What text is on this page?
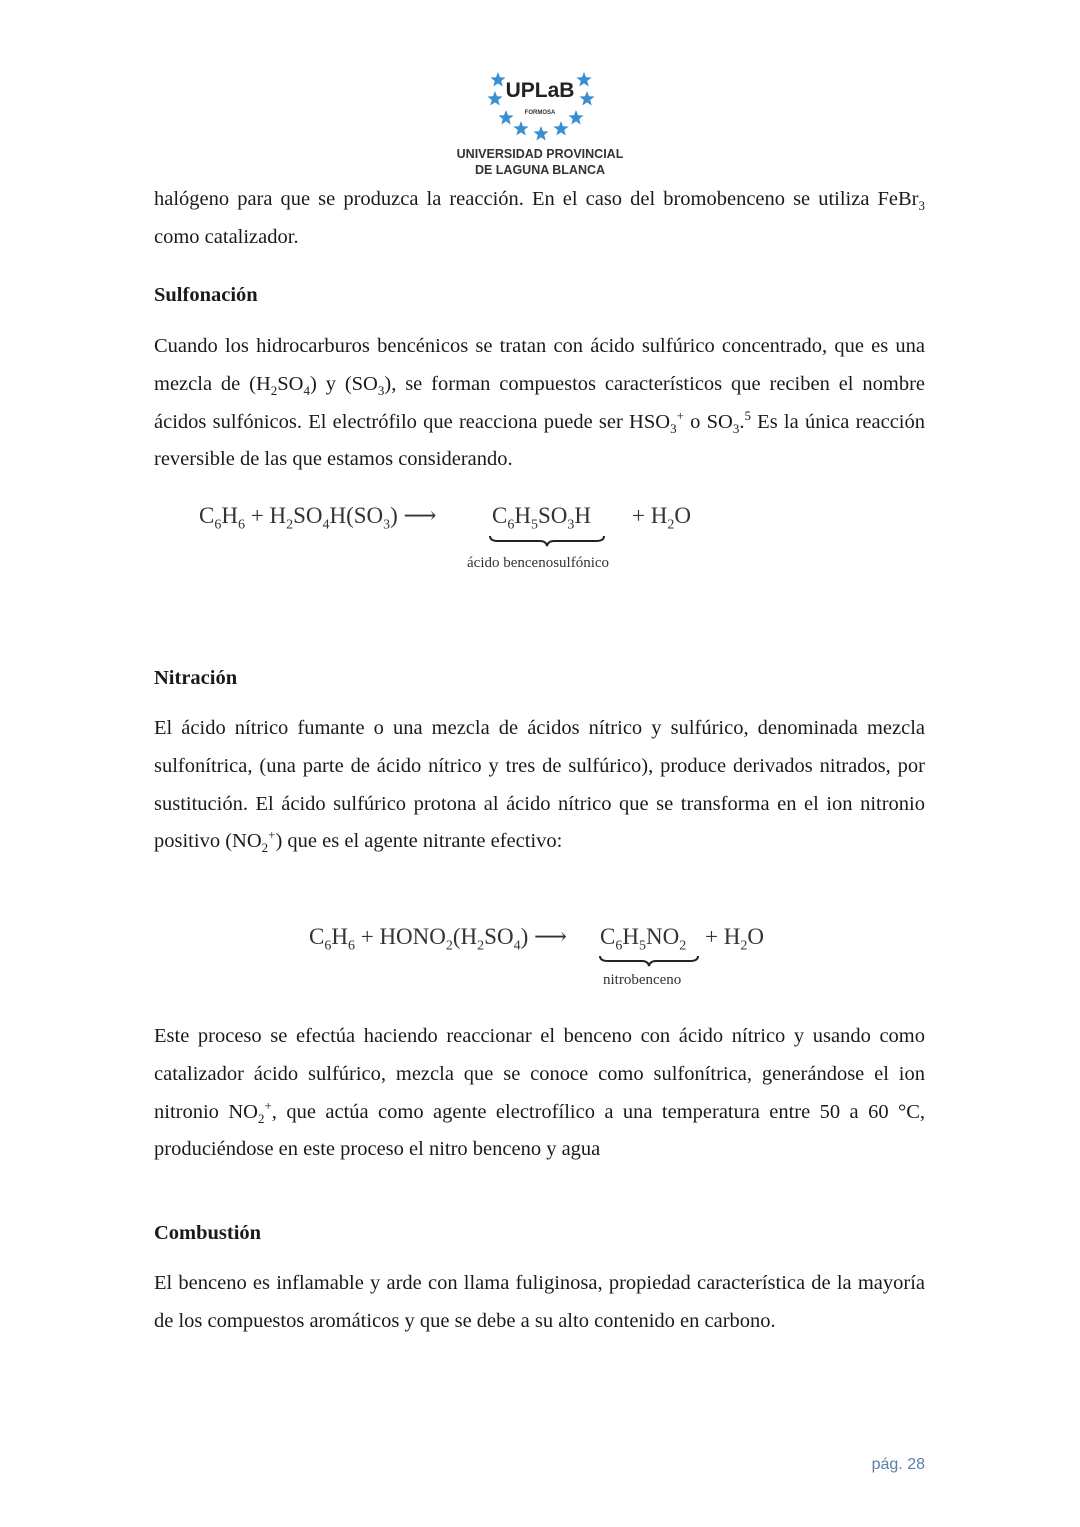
UPLaB
FORMOSA
UNIVERSIDAD PROVINCIAL
DE LAGUNA BLANCA
halógeno para que se produzca la reacción. En el caso del bromobenceno se utiliza FeBr$_3$ como catalizador.
Sulfonación
Cuando los hidrocarburos bencénicos se tratan con ácido sulfúrico concentrado, que es una mezcla de $(H_2SO_4)$ y $(SO_3)$, se forman compuestos característicos que reciben el nombre ácidos sulfónicos. El electrófilo que reacciona puede ser $HSO_3^+$ o $SO_3.^5$ Es la única reacción reversible de las que estamos considerando.
$C_6H_6 + H_2SO_4H(SO_3)$ ⟶ $C_6H_5SO_3H + H_2O$
ácido bencenosulfónico
Nitración
El ácido nítrico fumante o una mezcla de ácidos nítrico y sulfúrico, denominada mezcla sulfonítrica, (una parte de ácido nítrico y tres de sulfúrico), produce derivados nitrados, por sustitución. El ácido sulfúrico protona al ácido nítrico que se transforma en el ion nitronio positivo $(NO_2^+)$ que es el agente nitrante efectivo:
$C_6H_6$ + $HONO_2(H_2SO_4)$ ⟶ $C_6H_5NO_2 + H_2O$
nitrobenceno
Este proceso se efectúa haciendo reaccionar el benceno con ácido nítrico y usando como catalizador ácido sulfúrico, mezcla que se conoce como sulfonítrica, generándose el ion nitronio $NO_2^+$, que actúa como agente electrofílico a una temperatura entre 50 a 60 °C, produciéndose en este proceso el nitro benceno y agua
Combustión
El benceno es inflamable y arde con llama fuliginosa, propiedad característica de la mayoría de los compuestos aromáticos y que se debe a su alto contenido en carbono.
pág. 28
